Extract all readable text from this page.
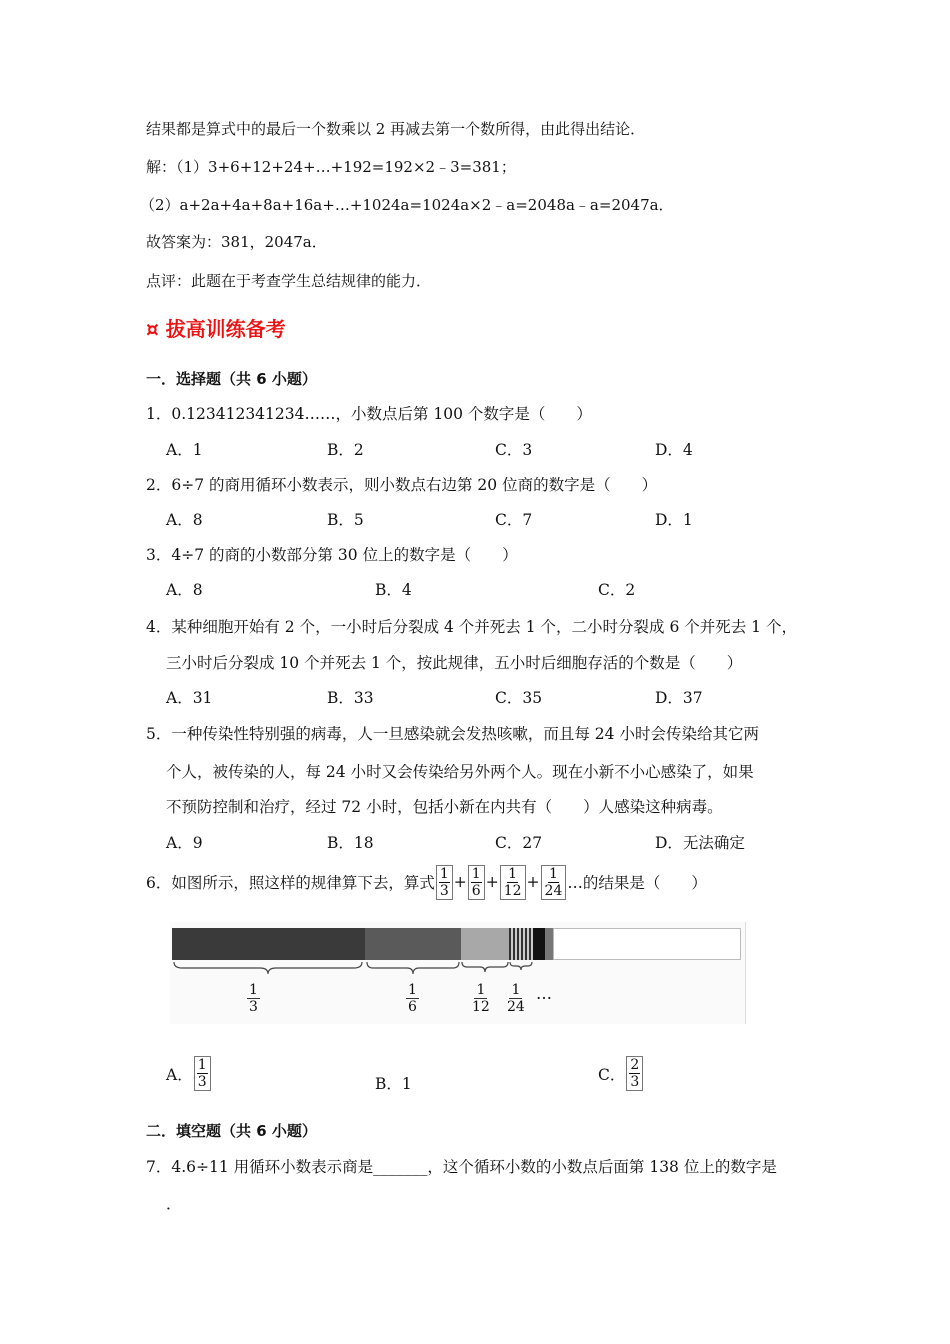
结果都是算式中的最后一个数乘以 2 再减去第一个数所得，由此得出结论．
解：（1）3+6+12+24+…+192=192×2﹣3=381；
（2）a+2a+4a+8a+16a+…+1024a=1024a×2﹣a=2048a﹣a=2047a．
故答案为：381，2047a．
点评：此题在于考查学生总结规律的能力．
¤ 拔高训练备考
一．选择题（共 6 小题）
1．0.123412341234……，小数点后第 100 个数字是（　　）
A．1	B．2	C．3	D．4
2．6÷7 的商用循环小数表示，则小数点右边第 20 位商的数字是（　　）
A．8	B．5	C．7	D．1
3．4÷7 的商的小数部分第 30 位上的数字是（　　）
A．8	B．4	C．2
4．某种细胞开始有 2 个，一小时后分裂成 4 个并死去 1 个，二小时分裂成 6 个并死去 1 个，
三小时后分裂成 10 个并死去 1 个，按此规律，五小时后细胞存活的个数是（　　）
A．31	B．33	C．35	D．37
5．一种传染性特别强的病毒，人一旦感染就会发热咳嗽，而且每 24 小时会传染给其它两
个人，被传染的人，每 24 小时又会传染给另外两个人。现在小新不小心感染了，如果
不预防控制和治疗，经过 72 小时，包括小新在内共有（　　）人感染这种病毒。
A．9	B．18	C．27	D．无法确定
6．如图所示，照这样的规律算下去，算式 $\frac{1}{3} + \frac{1}{6} + \frac{1}{12} + \frac{1}{24}$ …的结果是（　　）
1
3
1
6
1
12
1
24
…
A． $\frac{1}{3}$	B．1
C． $\frac{2}{3}$
二．填空题（共 6 小题）
7．4.6÷11 用循环小数表示商是_______，这个循环小数的小数点后面第 138 位上的数字是
．
